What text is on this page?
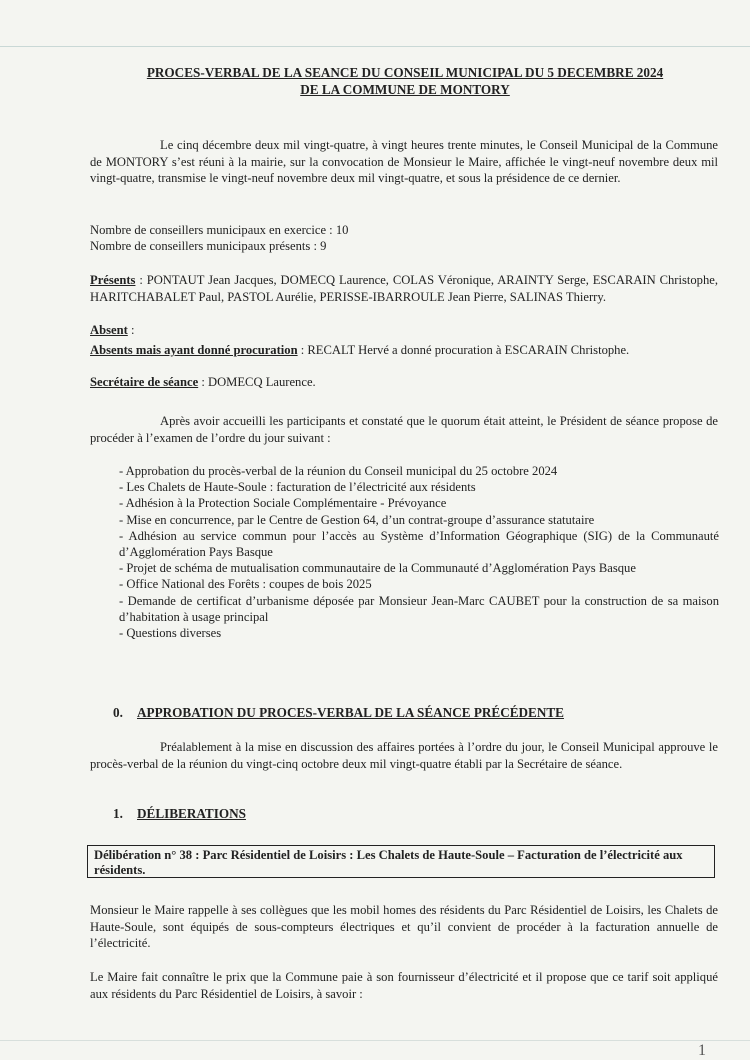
PROCES-VERBAL DE LA SEANCE DU CONSEIL MUNICIPAL DU 5 DECEMBRE 2024
DE LA COMMUNE DE MONTORY
Le cinq décembre deux mil vingt-quatre, à vingt heures trente minutes, le Conseil Municipal de la Commune de MONTORY s’est réuni à la mairie, sur la convocation de Monsieur le Maire, affichée le vingt-neuf novembre deux mil vingt-quatre, transmise le vingt-neuf novembre deux mil vingt-quatre, et sous la présidence de ce dernier.
Nombre de conseillers municipaux en exercice : 10
Nombre de conseillers municipaux présents : 9
Présents : PONTAUT Jean Jacques, DOMECQ Laurence, COLAS Véronique, ARAINTY Serge, ESCARAIN Christophe, HARITCHABALET Paul, PASTOL Aurélie, PERISSE-IBARROULE Jean Pierre, SALINAS Thierry.
Absent :
Absents mais ayant donné procuration : RECALT Hervé a donné procuration à ESCARAIN Christophe.
Secrétaire de séance : DOMECQ Laurence.
Après avoir accueilli les participants et constaté que le quorum était atteint, le Président de séance propose de procéder à l’examen de l’ordre du jour suivant :
- Approbation du procès-verbal de la réunion du Conseil municipal du 25 octobre 2024
- Les Chalets de Haute-Soule : facturation de l’électricité aux résidents
- Adhésion à la Protection Sociale Complémentaire - Prévoyance
- Mise en concurrence, par le Centre de Gestion 64, d’un contrat-groupe d’assurance statutaire
- Adhésion au service commun pour l’accès au Système d’Information Géographique (SIG) de la Communauté d’Agglomération Pays Basque
- Projet de schéma de mutualisation communautaire de la Communauté d’Agglomération Pays Basque
- Office National des Forêts : coupes de bois 2025
- Demande de certificat d’urbanisme déposée par Monsieur Jean-Marc CAUBET pour la construction de sa maison d’habitation à usage principal
- Questions diverses
0. APPROBATION DU PROCES-VERBAL DE LA SÉANCE PRÉCÉDENTE
Préalablement à la mise en discussion des affaires portées à l’ordre du jour, le Conseil Municipal approuve le procès-verbal de la réunion du vingt-cinq octobre deux mil vingt-quatre établi par la Secrétaire de séance.
1. DÉLIBERATIONS
Délibération n° 38 : Parc Résidentiel de Loisirs : Les Chalets de Haute-Soule – Facturation de l’électricité aux résidents.
Monsieur le Maire rappelle à ses collègues que les mobil homes des résidents du Parc Résidentiel de Loisirs, les Chalets de Haute-Soule, sont équipés de sous-compteurs électriques et qu’il convient de procéder à la facturation annuelle de l’électricité.
Le Maire fait connaître le prix que la Commune paie à son fournisseur d’électricité et il propose que ce tarif soit appliqué aux résidents du Parc Résidentiel de Loisirs, à savoir :
1
